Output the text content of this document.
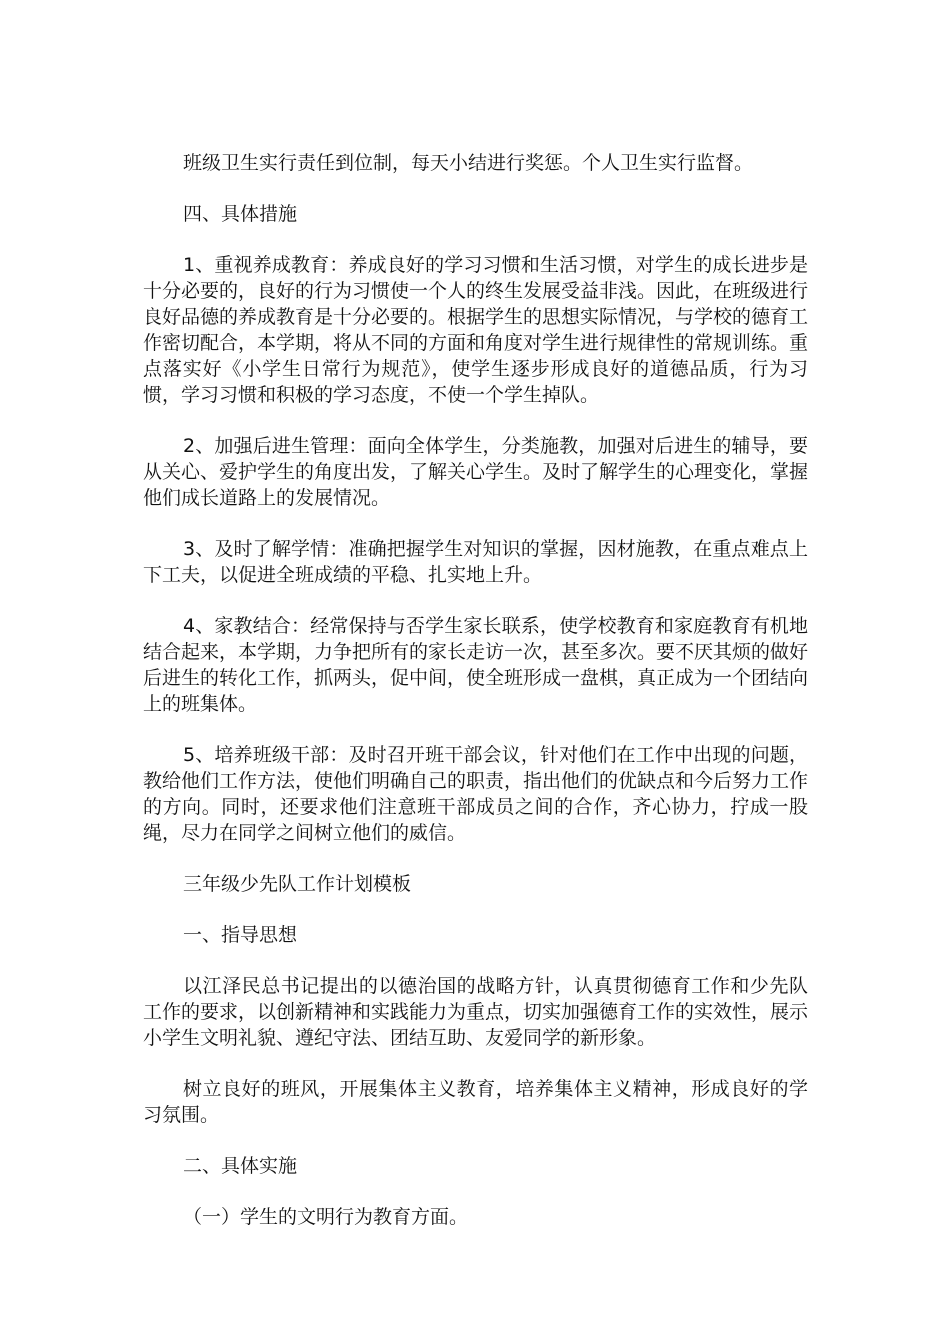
班级卫生实行责任到位制，每天小结进行奖惩。个人卫生实行监督。

四、具体措施

1、重视养成教育：养成良好的学习习惯和生活习惯，对学生的成长进步是十分必要的，良好的行为习惯使一个人的终生发展受益非浅。因此，在班级进行良好品德的养成教育是十分必要的。根据学生的思想实际情况，与学校的德育工作密切配合，本学期，将从不同的方面和角度对学生进行规律性的常规训练。重点落实好《小学生日常行为规范》，使学生逐步形成良好的道德品质，行为习惯，学习习惯和积极的学习态度，不使一个学生掉队。

2、加强后进生管理：面向全体学生，分类施教，加强对后进生的辅导，要从关心、爱护学生的角度出发，了解关心学生。及时了解学生的心理变化，掌握他们成长道路上的发展情况。

3、及时了解学情：准确把握学生对知识的掌握，因材施教，在重点难点上下工夫，以促进全班成绩的平稳、扎实地上升。

4、家教结合：经常保持与否学生家长联系，使学校教育和家庭教育有机地结合起来，本学期，力争把所有的家长走访一次，甚至多次。要不厌其烦的做好后进生的转化工作，抓两头，促中间，使全班形成一盘棋，真正成为一个团结向上的班集体。

5、培养班级干部：及时召开班干部会议，针对他们在工作中出现的问题，教给他们工作方法，使他们明确自己的职责，指出他们的优缺点和今后努力工作的方向。同时，还要求他们注意班干部成员之间的合作，齐心协力，拧成一股绳，尽力在同学之间树立他们的威信。

三年级少先队工作计划模板

一、指导思想

以江泽民总书记提出的以德治国的战略方针，认真贯彻德育工作和少先队工作的要求，以创新精神和实践能力为重点，切实加强德育工作的实效性，展示小学生文明礼貌、遵纪守法、团结互助、友爱同学的新形象。

树立良好的班风，开展集体主义教育，培养集体主义精神，形成良好的学习氛围。

二、具体实施

（一）学生的文明行为教育方面。
